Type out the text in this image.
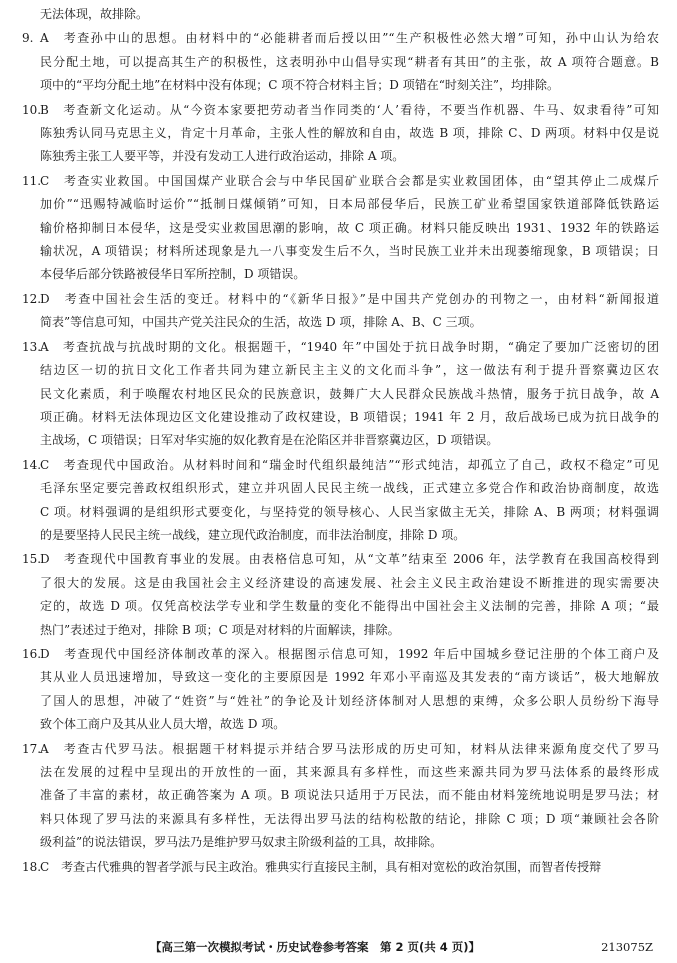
无法体现，故排除。
9. A　考查孙中山的思想。由材料中的“必能耕者而后授以田”“生产积极性必然大增”可知，孙中山认为给农
民分配土地，可以提高其生产的积极性，这表明孙中山倡导实现“耕者有其田”的主张，故 A 项符合题意。B
项中的“平均分配土地”在材料中没有体现；C 项不符合材料主旨；D 项错在“时刻关注”，均排除。
10.B　考查新文化运动。从“今资本家要把劳动者当作同类的‘人’看待，不要当作机器、牛马、奴隶看待”可知
陈独秀认同马克思主义，肯定十月革命，主张人性的解放和自由，故选 B 项，排除 C、D 两项。材料中仅是说
陈独秀主张工人要平等，并没有发动工人进行政治运动，排除 A 项。
11.C　考查实业救国。中国国煤产业联合会与中华民国矿业联合会都是实业救国团体，由“望其停止二成煤斤
加价”“迅赐特减临时运价”“抵制日煤倾销”可知，日本局部侵华后，民族工矿业希望国家铁道部降低铁路运
输价格抑制日本侵华，这是受实业救国思潮的影响，故 C 项正确。材料只能反映出 1931、1932 年的铁路运
输状况，A 项错误；材料所述现象是九一八事变发生后不久，当时民族工业并未出现萎缩现象，B 项错误；日
本侵华后部分铁路被侵华日军所控制，D 项错误。
12.D　考查中国社会生活的变迁。材料中的“《新华日报》”是中国共产党创办的刊物之一，由材料“新闻报道
简表”等信息可知，中国共产党关注民众的生活，故选 D 项，排除 A、B、C 三项。
13.A　考查抗战与抗战时期的文化。根据题干，“1940 年”中国处于抗日战争时期，“确定了要加广泛密切的团
结边区一切的抗日文化工作者共同为建立新民主主义的文化而斗争”，这一做法有利于提升晋察冀边区农
民文化素质，利于唤醒农村地区民众的民族意识，鼓舞广大人民群众民族战斗热情，服务于抗日战争，故 A
项正确。材料无法体现边区文化建设推动了政权建设，B 项错误；1941 年 2 月，敌后战场已成为抗日战争的
主战场，C 项错误；日军对华实施的奴化教育是在沦陷区并非晋察冀边区，D 项错误。
14.C　考查现代中国政治。从材料时间和“瑞金时代组织最纯洁”“形式纯洁，却孤立了自己，政权不稳定”可见
毛泽东坚定要完善政权组织形式，建立并巩固人民民主统一战线，正式建立多党合作和政治协商制度，故选
C 项。材料强调的是组织形式要变化，与坚持党的领导核心、人民当家做主无关，排除 A、B 两项；材料强调
的是要坚持人民民主统一战线，建立现代政治制度，而非法治制度，排除 D 项。
15.D　考查现代中国教育事业的发展。由表格信息可知，从“文革”结束至 2006 年，法学教育在我国高校得到
了很大的发展。这是由我国社会主义经济建设的高速发展、社会主义民主政治建设不断推进的现实需要决
定的，故选 D 项。仅凭高校法学专业和学生数量的变化不能得出中国社会主义法制的完善，排除 A 项；“最
热门”表述过于绝对，排除 B 项；C 项是对材料的片面解读，排除。
16.D　考查现代中国经济体制改革的深入。根据图示信息可知，1992 年后中国城乡登记注册的个体工商户及
其从业人员迅速增加，导致这一变化的主要原因是 1992 年邓小平南巡及其发表的“南方谈话”，极大地解放
了国人的思想，冲破了“姓资”与“姓社”的争论及计划经济体制对人思想的束缚，众多公职人员纷纷下海导
致个体工商户及其从业人员大增，故选 D 项。
17.A　考查古代罗马法。根据题干材料提示并结合罗马法形成的历史可知，材料从法律来源角度交代了罗马
法在发展的过程中呈现出的开放性的一面，其来源具有多样性，而这些来源共同为罗马法体系的最终形成
准备了丰富的素材，故正确答案为 A 项。B 项说法只适用于万民法，而不能由材料笼统地说明是罗马法；材
料只体现了罗马法的来源具有多样性，无法得出罗马法的结构松散的结论，排除 C 项；D 项“兼顾社会各阶
级利益”的说法错误，罗马法乃是维护罗马奴隶主阶级利益的工具，故排除。
18.C　考查古代雅典的智者学派与民主政治。雅典实行直接民主制，具有相对宽松的政治氛围，而智者传授辩
【高三第一次模拟考试・历史试卷参考答案　第 2 页(共 4 页)】	213075Z
